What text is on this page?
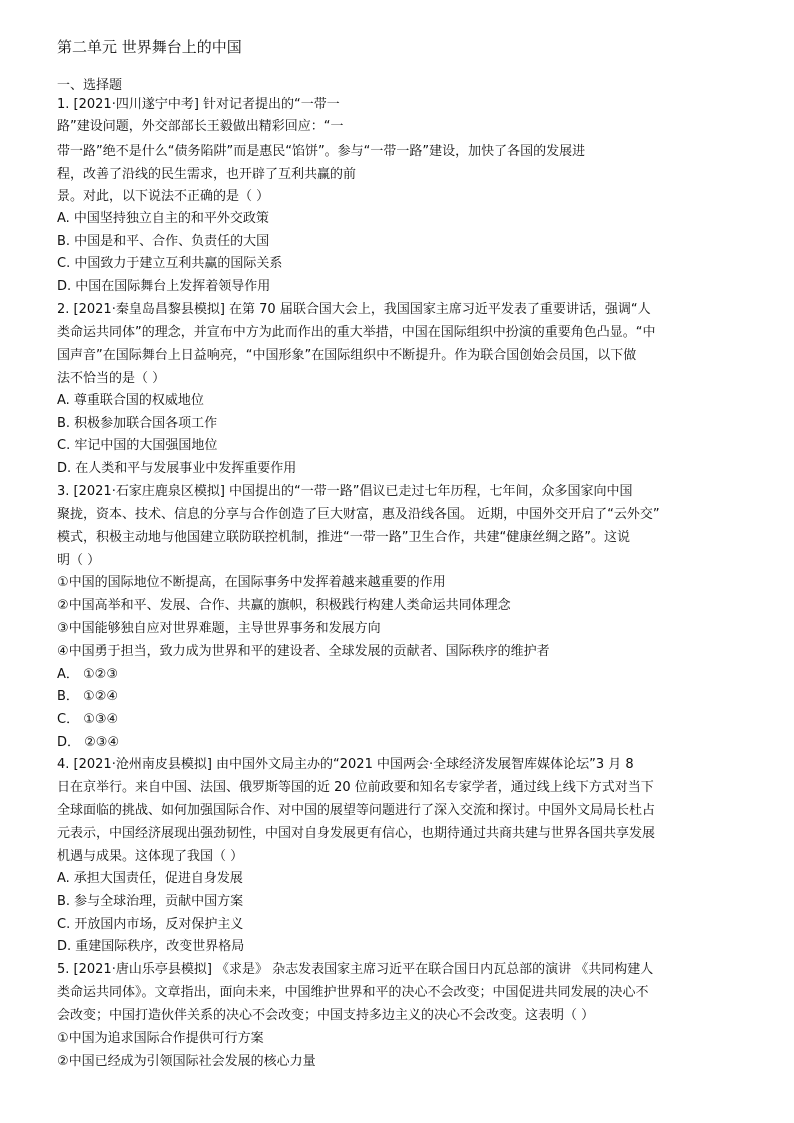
第二单元 世界舞台上的中国
一、选择题
1. [2021·四川遂宁中考] 针对记者提出的“一带一
路”建设问题，外交部部长王毅做出精彩回应：“一
带一路”绝不是什么“债务陷阱”而是惠民“馅饼”。参与“一带一路”建设，加快了各国的发展进
程，改善了沿线的民生需求，也开辟了互利共赢的前
景。对此，以下说法不正确的是（ ）
A. 中国坚持独立自主的和平外交政策
B. 中国是和平、合作、负责任的大国
C. 中国致力于建立互利共赢的国际关系
D. 中国在国际舞台上发挥着领导作用
2. [2021·秦皇岛昌黎县模拟] 在第 70 届联合国大会上，我国国家主席习近平发表了重要讲话，强调“人
类命运共同体”的理念，并宣布中方为此而作出的重大举措，中国在国际组织中扮演的重要角色凸显。“中
国声音”在国际舞台上日益响亮，“中国形象”在国际组织中不断提升。作为联合国创始会员国，以下做
法不恰当的是（ ）
A. 尊重联合国的权威地位
B. 积极参加联合国各项工作
C. 牢记中国的大国强国地位
D. 在人类和平与发展事业中发挥重要作用
3. [2021·石家庄鹿泉区模拟] 中国提出的“一带一路”倡议已走过七年历程，七年间，众多国家向中国
聚拢，资本、技术、信息的分享与合作创造了巨大财富，惠及沿线各国。 近期，中国外交开启了“云外交”
模式，积极主动地与他国建立联防联控机制，推进“一带一路”卫生合作，共建“健康丝绸之路”。这说
明（ ）
①中国的国际地位不断提高，在国际事务中发挥着越来越重要的作用
②中国高举和平、发展、合作、共赢的旗帜，积极践行构建人类命运共同体理念
③中国能够独自应对世界难题，主导世界事务和发展方向
④中国勇于担当，致力成为世界和平的建设者、全球发展的贡献者、国际秩序的维护者
A． ①②③
B． ①②④
C． ①③④
D． ②③④
4. [2021·沧州南皮县模拟] 由中国外文局主办的“2021 中国两会·全球经济发展智库媒体论坛”3 月 8
日在京举行。来自中国、法国、俄罗斯等国的近 20 位前政要和知名专家学者，通过线上线下方式对当下
全球面临的挑战、如何加强国际合作、对中国的展望等问题进行了深入交流和探讨。中国外文局局长杜占
元表示，中国经济展现出强劲韧性，中国对自身发展更有信心，也期待通过共商共建与世界各国共享发展
机遇与成果。这体现了我国（ ）
A. 承担大国责任，促进自身发展
B. 参与全球治理，贡献中国方案
C. 开放国内市场，反对保护主义
D. 重建国际秩序，改变世界格局
5. [2021·唐山乐亭县模拟] 《求是》 杂志发表国家主席习近平在联合国日内瓦总部的演讲 《共同构建人
类命运共同体》。文章指出，面向未来，中国维护世界和平的决心不会改变；中国促进共同发展的决心不
会改变；中国打造伙伴关系的决心不会改变；中国支持多边主义的决心不会改变。这表明（ ）
①中国为追求国际合作提供可行方案
②中国已经成为引领国际社会发展的核心力量
